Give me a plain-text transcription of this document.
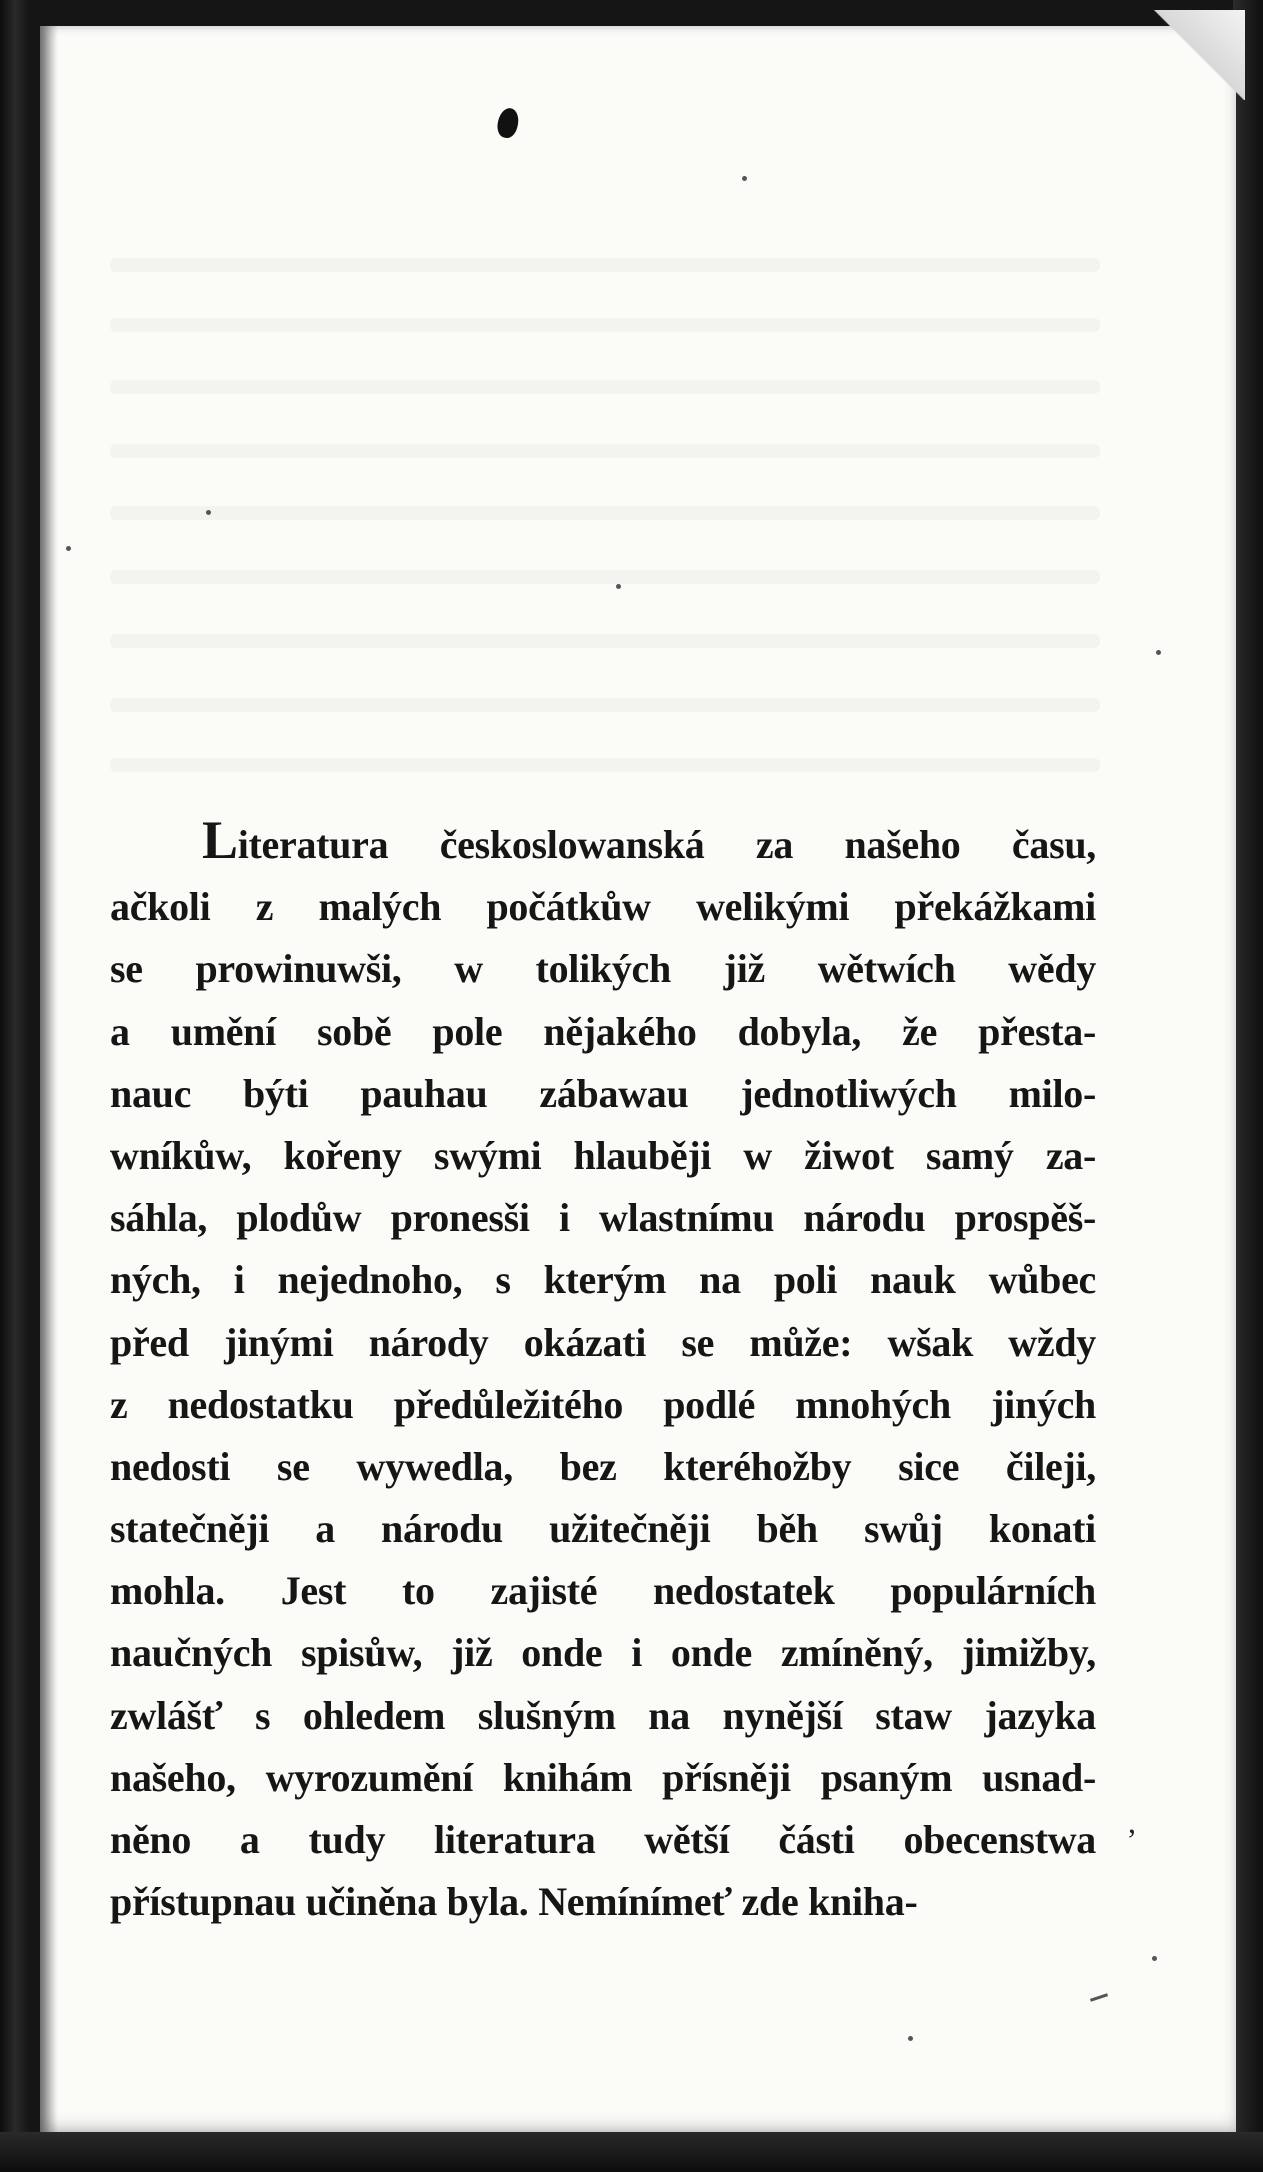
Literatura českoslowanská za našeho času,
ačkoli z malých počátkůw welikými překážkami
se prowinuwši, w tolikých již wětwích wědy
a umění sobě pole nějakého dobyla, že přesta-
nauc býti pauhau zábawau jednotliwých milo-
wníkůw, kořeny swými hlauběji w žiwot samý za-
sáhla, plodůw pronesši i wlastnímu národu prospěš-
ných, i nejednoho, s kterým na poli nauk wůbec
před jinými národy okázati se může: wšak wždy
z nedostatku předůležitého podlé mnohých jiných
nedosti se wywedla, bez kteréhožby sice čileji,
statečněji a národu užitečněji běh swůj konati
mohla. Jest to zajisté nedostatek populárních
naučných spisůw, již onde i onde zmíněný, jimižby,
zwlášť s ohledem slušným na nynější staw jazyka
našeho, wyrozumění knihám přísněji psaným usnad-
něno a tudy literatura wětší části obecenstwa
přístupnau učiněna byla. Nemínímeť zde kniha-
,
